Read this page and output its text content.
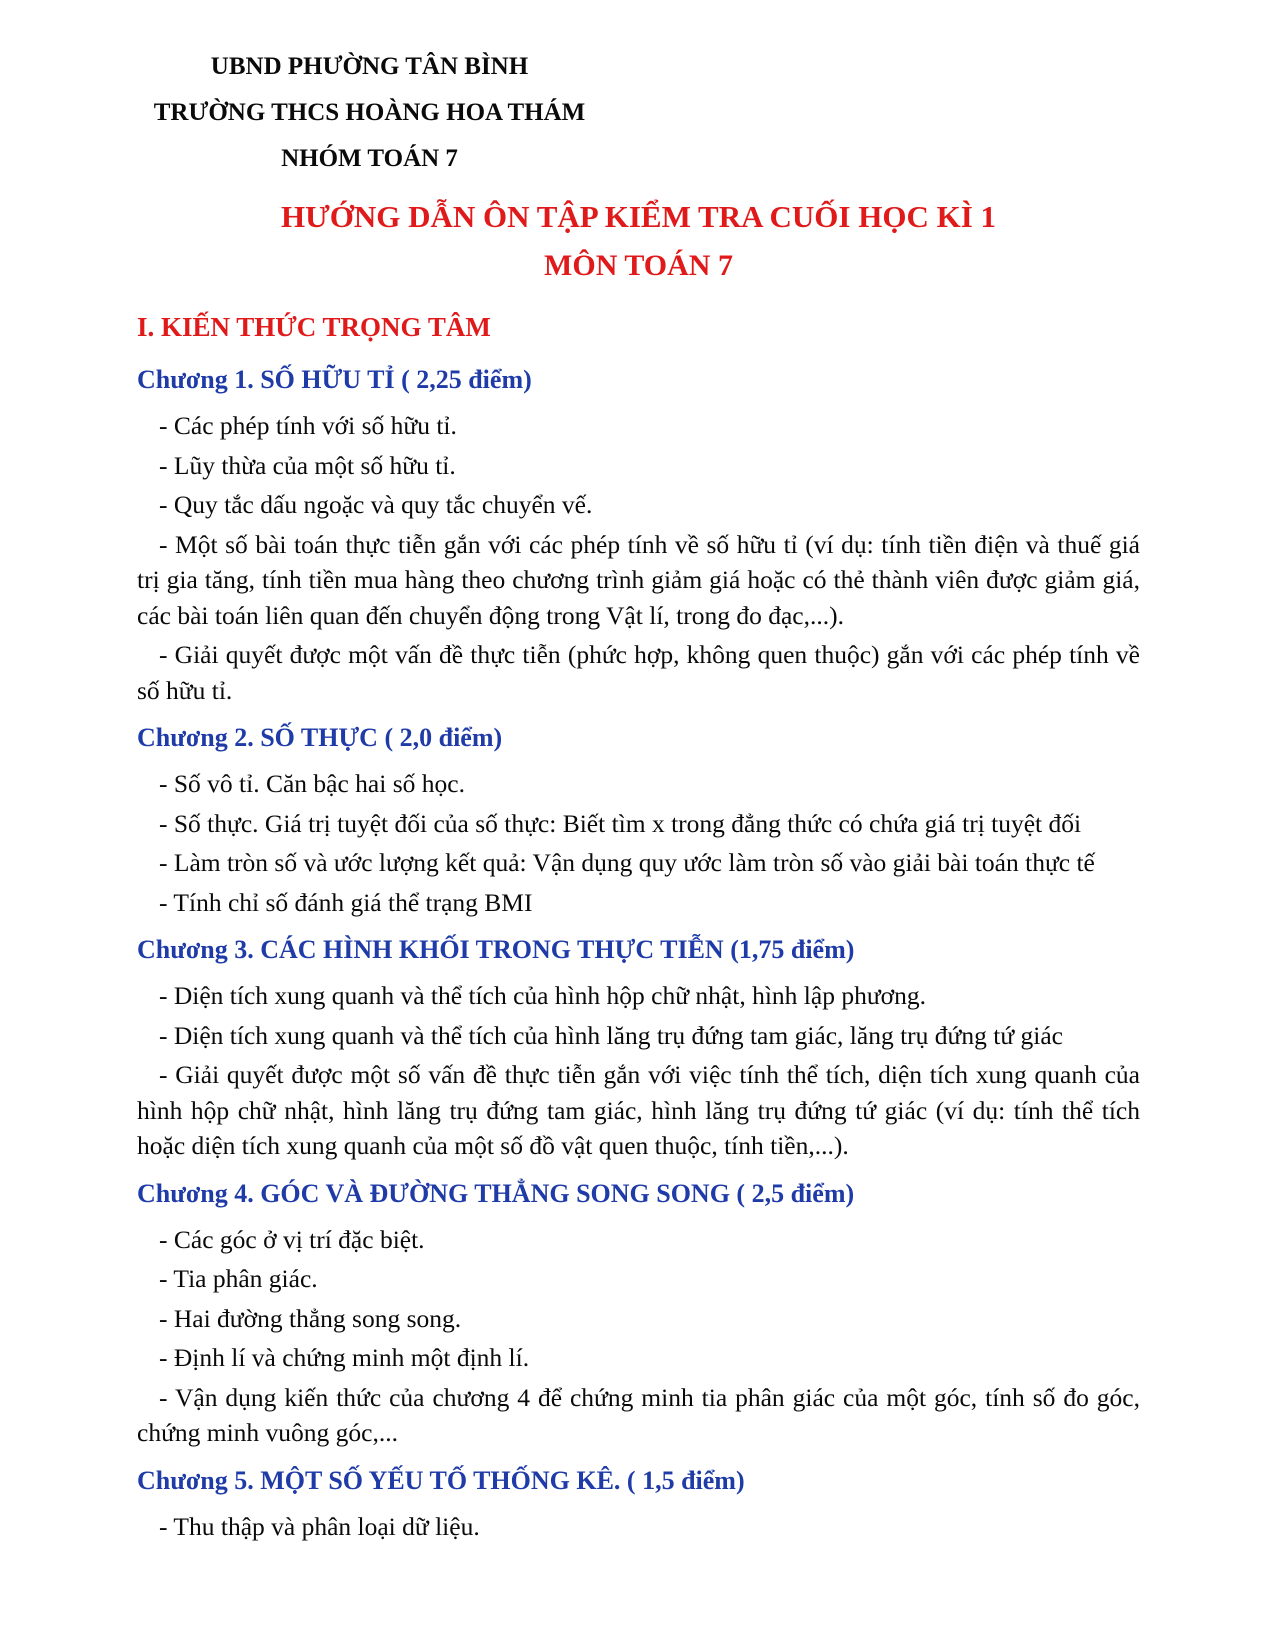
UBND PHƯỜNG TÂN BÌNH

TRƯỜNG THCS HOÀNG HOA THÁM

NHÓM TOÁN 7

HƯỚNG DẪN ÔN TẬP KIỂM TRA CUỐI HỌC KÌ 1

MÔN TOÁN 7

I. KIẾN THỨC TRỌNG TÂM

Chương 1. SỐ HỮU TỈ ( 2,25 điểm)

- Các phép tính với số hữu tỉ.

- Lũy thừa của một số hữu tỉ.

- Quy tắc dấu ngoặc và quy tắc chuyển vế.

- Một số bài toán thực tiễn gắn với các phép tính về số hữu tỉ (ví dụ: tính tiền điện và thuế giá trị gia tăng, tính tiền mua hàng theo chương trình giảm giá hoặc có thẻ thành viên được giảm giá, các bài toán liên quan đến chuyển động trong Vật lí, trong đo đạc,...).

- Giải quyết được một vấn đề thực tiễn (phức hợp, không quen thuộc) gắn với các phép tính về số hữu tỉ.

Chương 2. SỐ THỰC ( 2,0 điểm)

- Số vô tỉ. Căn bậc hai số học.

- Số thực. Giá trị tuyệt đối của số thực: Biết tìm x trong đẳng thức có chứa giá trị tuyệt đối

- Làm tròn số và ước lượng kết quả: Vận dụng quy ước làm tròn số vào giải bài toán thực tế

- Tính chỉ số đánh giá thể trạng BMI

Chương 3. CÁC HÌNH KHỐI TRONG THỰC TIỄN (1,75 điểm)

- Diện tích xung quanh và thể tích của hình hộp chữ nhật, hình lập phương.

- Diện tích xung quanh và thể tích của hình lăng trụ đứng tam giác, lăng trụ đứng tứ giác

- Giải quyết được một số vấn đề thực tiễn gắn với việc tính thể tích, diện tích xung quanh của hình hộp chữ nhật, hình lăng trụ đứng tam giác, hình lăng trụ đứng tứ giác (ví dụ: tính thể tích hoặc diện tích xung quanh của một số đồ vật quen thuộc, tính tiền,...).

Chương 4. GÓC VÀ ĐƯỜNG THẲNG SONG SONG ( 2,5 điểm)

- Các góc ở vị trí đặc biệt.

- Tia phân giác.

- Hai đường thẳng song song.

- Định lí và chứng minh một định lí.

- Vận dụng kiến thức của chương 4 để chứng minh tia phân giác của một góc, tính số đo góc, chứng minh vuông góc,...

Chương 5. MỘT SỐ YẾU TỐ THỐNG KÊ. ( 1,5 điểm)

- Thu thập và phân loại dữ liệu.
